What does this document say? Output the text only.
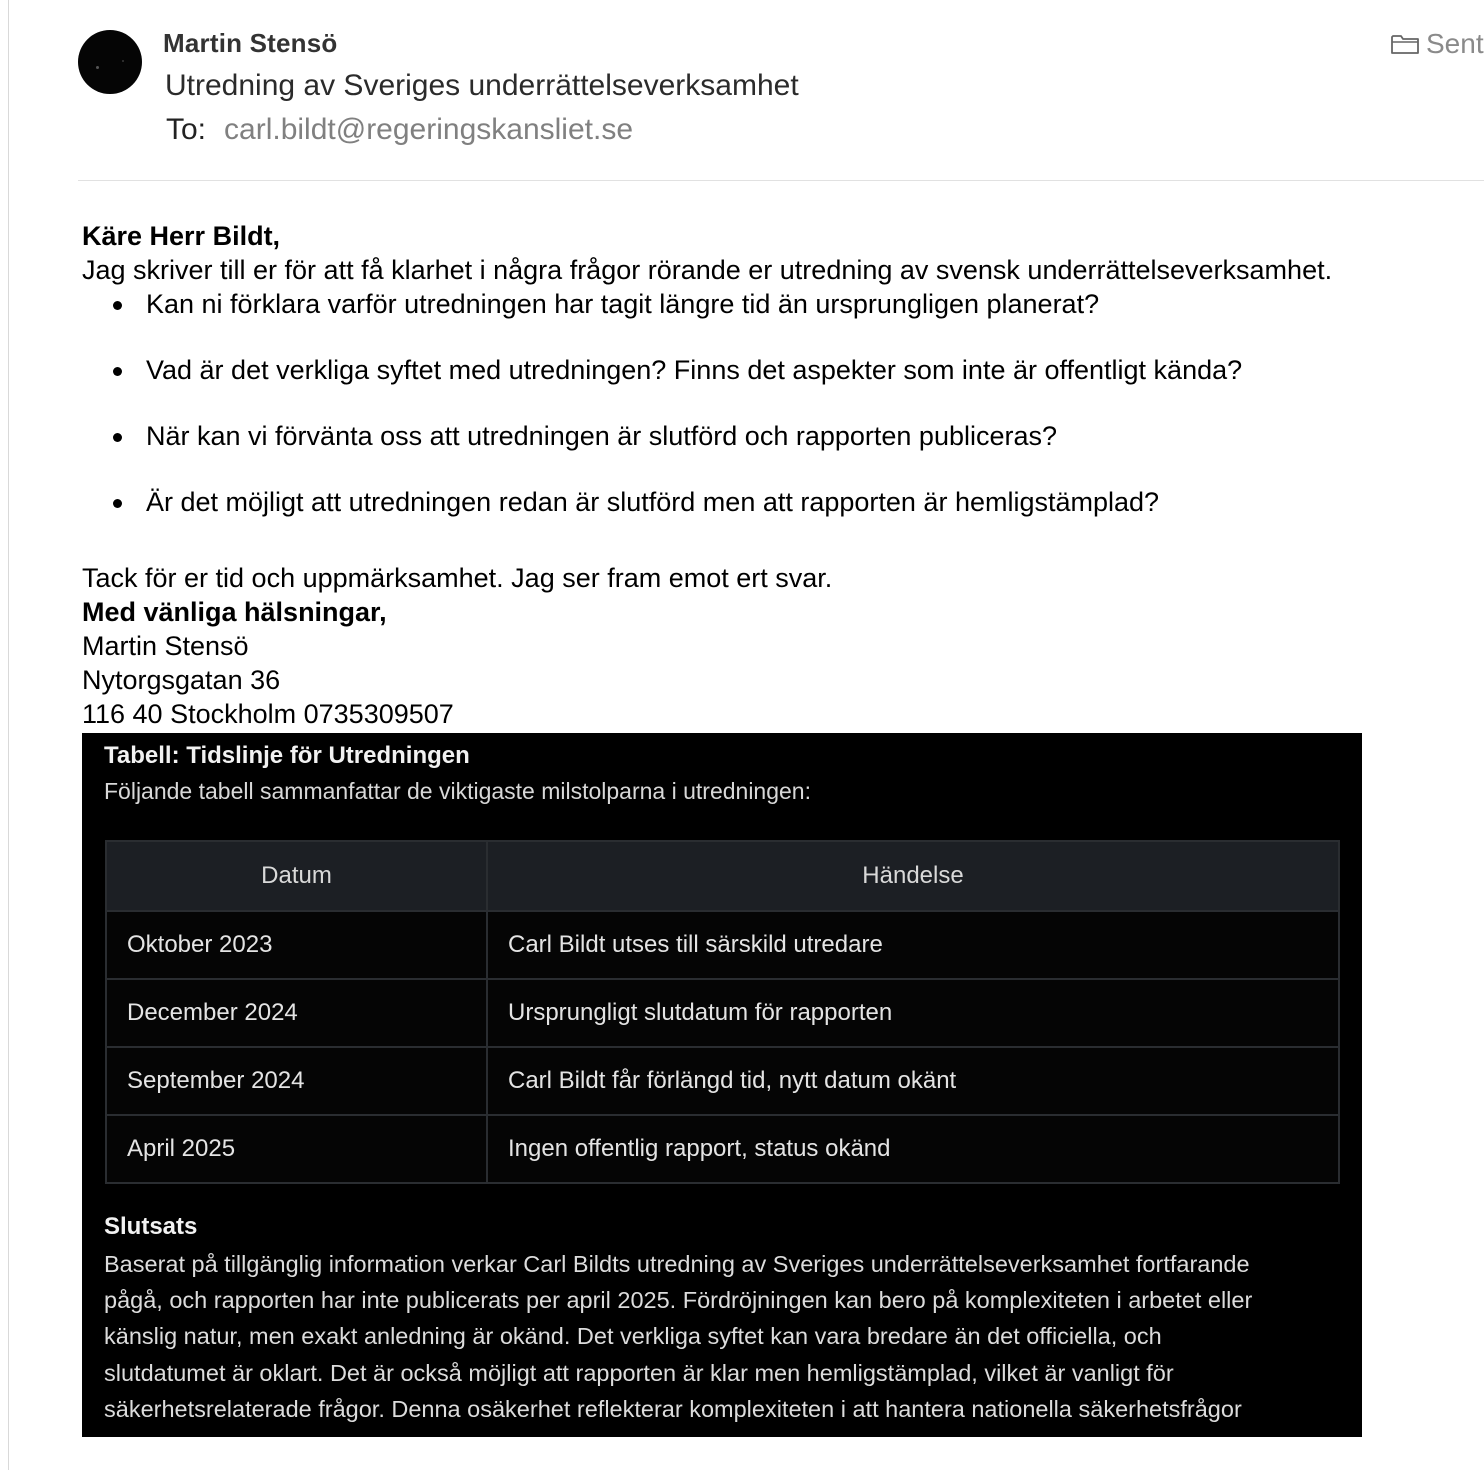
Martin Stensö
Utredning av Sveriges underrättelseverksamhet
To: carl.bildt@regeringskansliet.se
Sent
Käre Herr Bildt,
Jag skriver till er för att få klarhet i några frågor rörande er utredning av svensk underrättelseverksamhet.
Kan ni förklara varför utredningen har tagit längre tid än ursprungligen planerat?
Vad är det verkliga syftet med utredningen? Finns det aspekter som inte är offentligt kända?
När kan vi förvänta oss att utredningen är slutförd och rapporten publiceras?
Är det möjligt att utredningen redan är slutförd men att rapporten är hemligstämplad?
Tack för er tid och uppmärksamhet. Jag ser fram emot ert svar.
Med vänliga hälsningar,
Martin Stensö
Nytorgsgatan 36
116 40 Stockholm 0735309507
Tabell: Tidslinje för Utredningen
Följande tabell sammanfattar de viktigaste milstolparna i utredningen:
Datum	Händelse
Oktober 2023	Carl Bildt utses till särskild utredare
December 2024	Ursprungligt slutdatum för rapporten
September 2024	Carl Bildt får förlängd tid, nytt datum okänt
April 2025	Ingen offentlig rapport, status okänd
Slutsats
Baserat på tillgänglig information verkar Carl Bildts utredning av Sveriges underrättelseverksamhet fortfarande
pågå, och rapporten har inte publicerats per april 2025. Fördröjningen kan bero på komplexiteten i arbetet eller
känslig natur, men exakt anledning är okänd. Det verkliga syftet kan vara bredare än det officiella, och
slutdatumet är oklart. Det är också möjligt att rapporten är klar men hemligstämplad, vilket är vanligt för
säkerhetsrelaterade frågor. Denna osäkerhet reflekterar komplexiteten i att hantera nationella säkerhetsfrågor
